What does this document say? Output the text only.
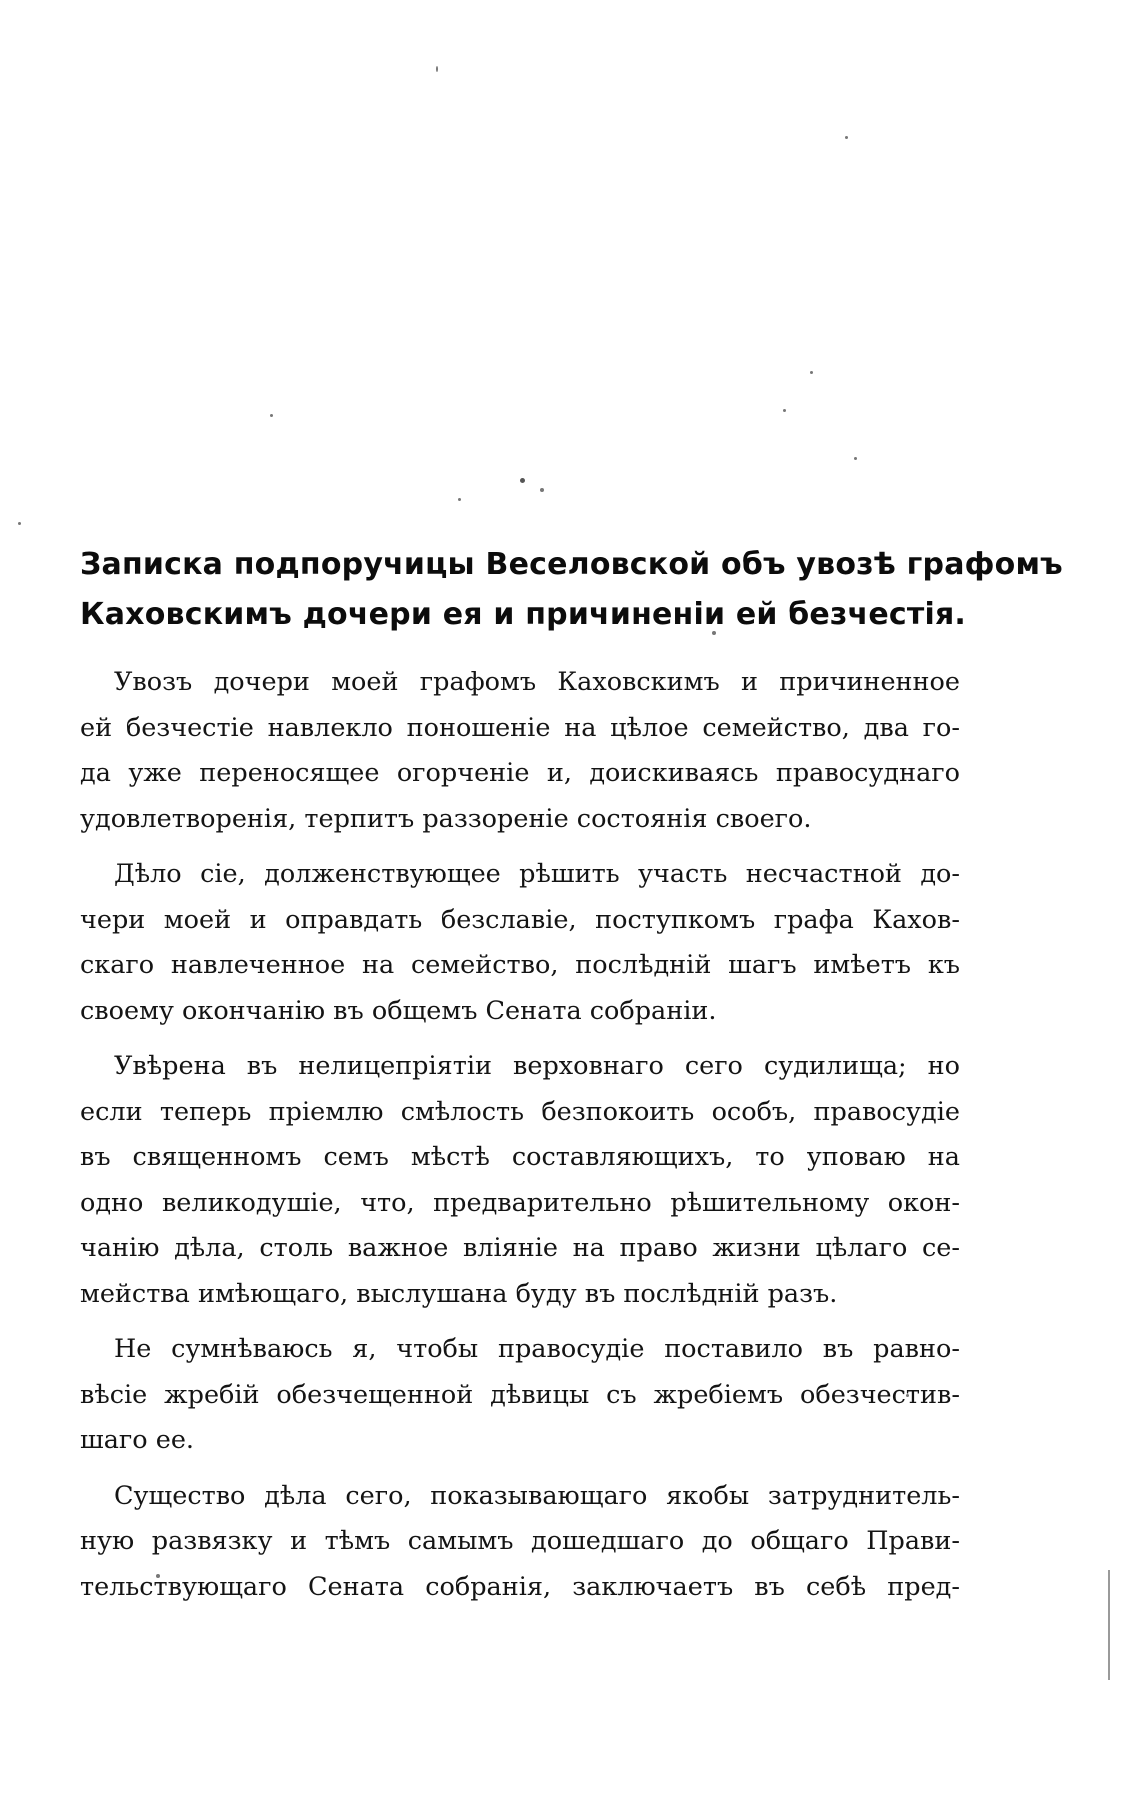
Записка подпоручицы Веселовской объ увозѣ графомъ
Каховскимъ дочери ея и причиненіи ей безчестія.
Увозъ дочери моей графомъ Каховскимъ и причиненное
ей безчестіе навлекло поношеніе на цѣлое семейство, два го-
да уже переносящее огорченіе и, доискиваясь правосуднаго
удовлетворенія, терпитъ раззореніе состоянія своего.
Дѣло сіе, долженствующее рѣшить участь несчастной до-
чери моей и оправдать безславіе, поступкомъ графа Кахов-
скаго навлеченное на семейство, послѣдній шагъ имѣетъ къ
своему окончанію въ общемъ Сената собраніи.
Увѣрена въ нелицепріятіи верховнаго сего судилища; но
если теперь пріемлю смѣлость безпокоить особъ, правосудіе
въ священномъ семъ мѣстѣ составляющихъ, то уповаю на
одно великодушіе, что, предварительно рѣшительному окон-
чанію дѣла, столь важное вліяніе на право жизни цѣлаго се-
мейства имѣющаго, выслушана буду въ послѣдній разъ.
Не сумнѣваюсь я, чтобы правосудіе поставило въ равно-
вѣсіе жребій обезчещенной дѣвицы съ жребіемъ обезчестив-
шаго ее.
Существо дѣла сего, показывающаго якобы затруднитель-
ную развязку и тѣмъ самымъ дошедшаго до общаго Прави-
тельствующаго Сената собранія, заключаетъ въ себѣ пред-
